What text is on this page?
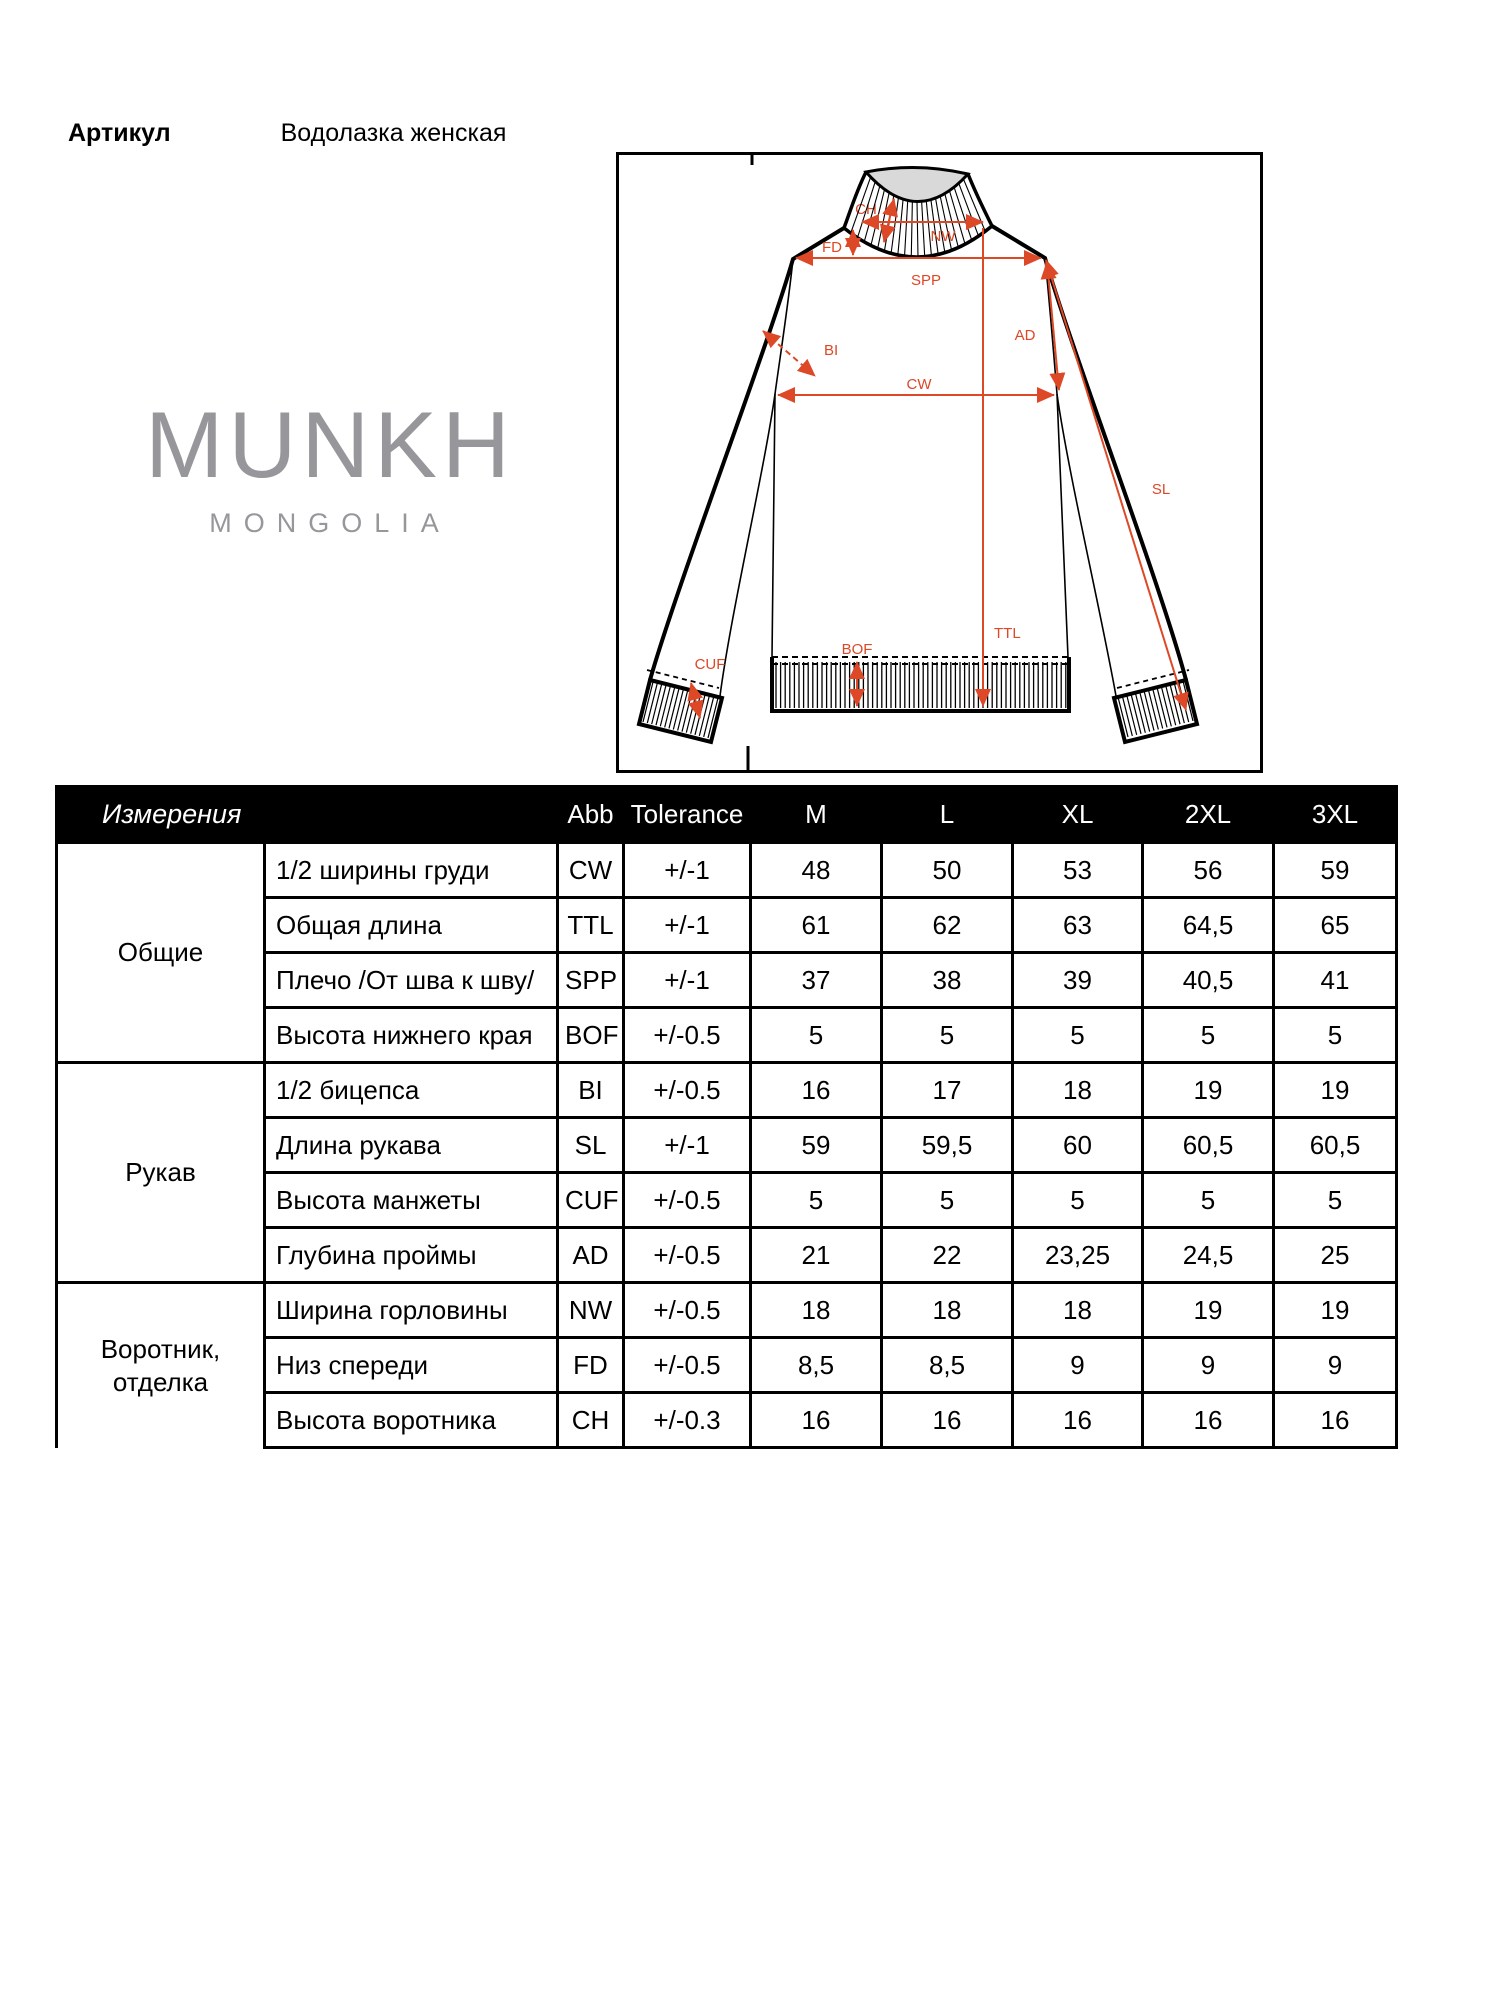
Артикул	Водолазка женская
MUNKH
MONGOLIA
CH
NW
FD
SPP
AD
BI
CW
SL
TTL
BOF
CUF
Измерения		Abb	Tolerance	M	L	XL	2XL	3XL
Общие	1/2 ширины груди	CW	+/-1	48	50	53	56	59
	Общая длина	TTL	+/-1	61	62	63	64,5	65
	Плечо /От шва к шву/	SPP	+/-1	37	38	39	40,5	41
	Высота нижнего края	BOF	+/-0.5	5	5	5	5	5
Рукав	1/2 бицепса	BI	+/-0.5	16	17	18	19	19
	Длина рукава	SL	+/-1	59	59,5	60	60,5	60,5
	Высота манжеты	CUF	+/-0.5	5	5	5	5	5
	Глубина проймы	AD	+/-0.5	21	22	23,25	24,5	25
Воротник,
отделка	Ширина горловины	NW	+/-0.5	18	18	18	19	19
	Низ спереди	FD	+/-0.5	8,5	8,5	9	9	9
	Высота воротника	CH	+/-0.3	16	16	16	16	16
